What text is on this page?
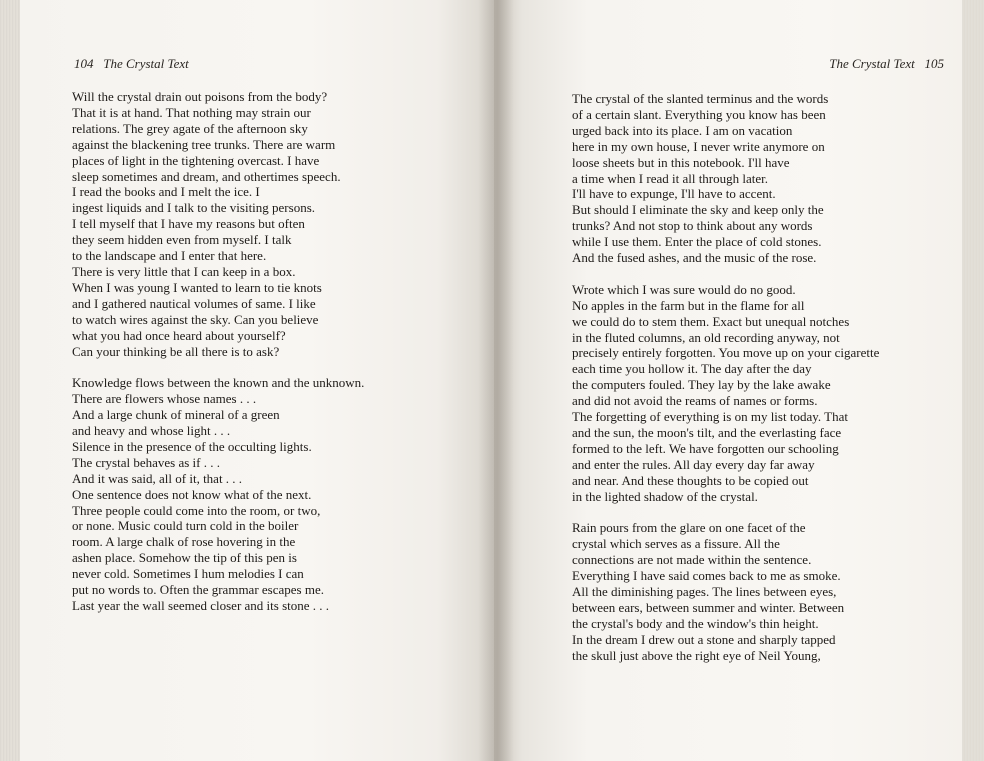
104 The Crystal Text
Will the crystal drain out poisons from the body?
That it is at hand. That nothing may strain our
relations. The grey agate of the afternoon sky
against the blackening tree trunks. There are warm
places of light in the tightening overcast. I have
sleep sometimes and dream, and othertimes speech.
I read the books and I melt the ice. I
ingest liquids and I talk to the visiting persons.
I tell myself that I have my reasons but often
they seem hidden even from myself. I talk
to the landscape and I enter that here.
There is very little that I can keep in a box.
When I was young I wanted to learn to tie knots
and I gathered nautical volumes of same. I like
to watch wires against the sky. Can you believe
what you had once heard about yourself?
Can your thinking be all there is to ask?
Knowledge flows between the known and the unknown.
There are flowers whose names . . .
And a large chunk of mineral of a green
and heavy and whose light . . .
Silence in the presence of the occulting lights.
The crystal behaves as if . . .
And it was said, all of it, that . . .
One sentence does not know what of the next.
Three people could come into the room, or two,
or none. Music could turn cold in the boiler
room. A large chalk of rose hovering in the
ashen place. Somehow the tip of this pen is
never cold. Sometimes I hum melodies I can
put no words to. Often the grammar escapes me.
Last year the wall seemed closer and its stone . . .
The Crystal Text 105
The crystal of the slanted terminus and the words
of a certain slant. Everything you know has been
urged back into its place. I am on vacation
here in my own house, I never write anymore on
loose sheets but in this notebook. I'll have
a time when I read it all through later.
I'll have to expunge, I'll have to accent.
But should I eliminate the sky and keep only the
trunks? And not stop to think about any words
while I use them. Enter the place of cold stones.
And the fused ashes, and the music of the rose.
Wrote which I was sure would do no good.
No apples in the farm but in the flame for all
we could do to stem them. Exact but unequal notches
in the fluted columns, an old recording anyway, not
precisely entirely forgotten. You move up on your cigarette
each time you hollow it. The day after the day
the computers fouled. They lay by the lake awake
and did not avoid the reams of names or forms.
The forgetting of everything is on my list today. That
and the sun, the moon's tilt, and the everlasting face
formed to the left. We have forgotten our schooling
and enter the rules. All day every day far away
and near. And these thoughts to be copied out
in the lighted shadow of the crystal.
Rain pours from the glare on one facet of the
crystal which serves as a fissure. All the
connections are not made within the sentence.
Everything I have said comes back to me as smoke.
All the diminishing pages. The lines between eyes,
between ears, between summer and winter. Between
the crystal's body and the window's thin height.
In the dream I drew out a stone and sharply tapped
the skull just above the right eye of Neil Young,
